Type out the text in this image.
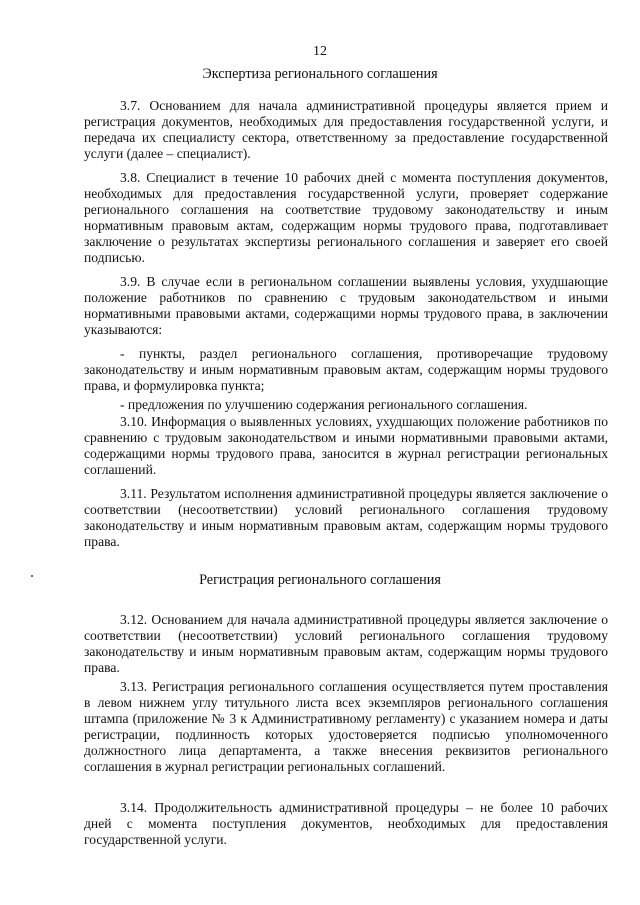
12
Экспертиза регионального соглашения
3.7. Основанием для начала административной процедуры является прием и регистрация документов, необходимых для предоставления государственной услуги, и передача их специалисту сектора, ответственному за предоставление государственной услуги (далее – специалист).
3.8. Специалист в течение 10 рабочих дней с момента поступления документов, необходимых для предоставления государственной услуги, проверяет содержание регионального соглашения на соответствие трудовому законодательству и иным нормативным правовым актам, содержащим нормы трудового права, подготавливает заключение о результатах экспертизы регионального соглашения и заверяет его своей подписью.
3.9. В случае если в региональном соглашении выявлены условия, ухудшающие положение работников по сравнению с трудовым законодательством и иными нормативными правовыми актами, содержащими нормы трудового права, в заключении указываются:
- пункты, раздел регионального соглашения, противоречащие трудовому законодательству и иным нормативным правовым актам, содержащим нормы трудового права, и формулировка пункта;
- предложения по улучшению содержания регионального соглашения.
3.10. Информация о выявленных условиях, ухудшающих положение работников по сравнению с трудовым законодательством и иными нормативными правовыми актами, содержащими нормы трудового права, заносится в журнал регистрации региональных соглашений.
3.11. Результатом исполнения административной процедуры является заключение о соответствии (несоответствии) условий регионального соглашения трудовому законодательству и иным нормативным правовым актам, содержащим нормы трудового права.
Регистрация регионального соглашения
3.12. Основанием для начала административной процедуры является заключение о соответствии (несоответствии) условий регионального соглашения трудовому законодательству и иным нормативным правовым актам, содержащим нормы трудового права.
3.13. Регистрация регионального соглашения осуществляется путем проставления в левом нижнем углу титульного листа всех экземпляров регионального соглашения штампа (приложение № 3 к Административному регламенту) с указанием номера и даты регистрации, подлинность которых удостоверяется подписью уполномоченного должностного лица департамента, а также внесения реквизитов регионального соглашения в журнал регистрации региональных соглашений.
3.14. Продолжительность административной процедуры – не более 10 рабочих дней с момента поступления документов, необходимых для предоставления государственной услуги.
